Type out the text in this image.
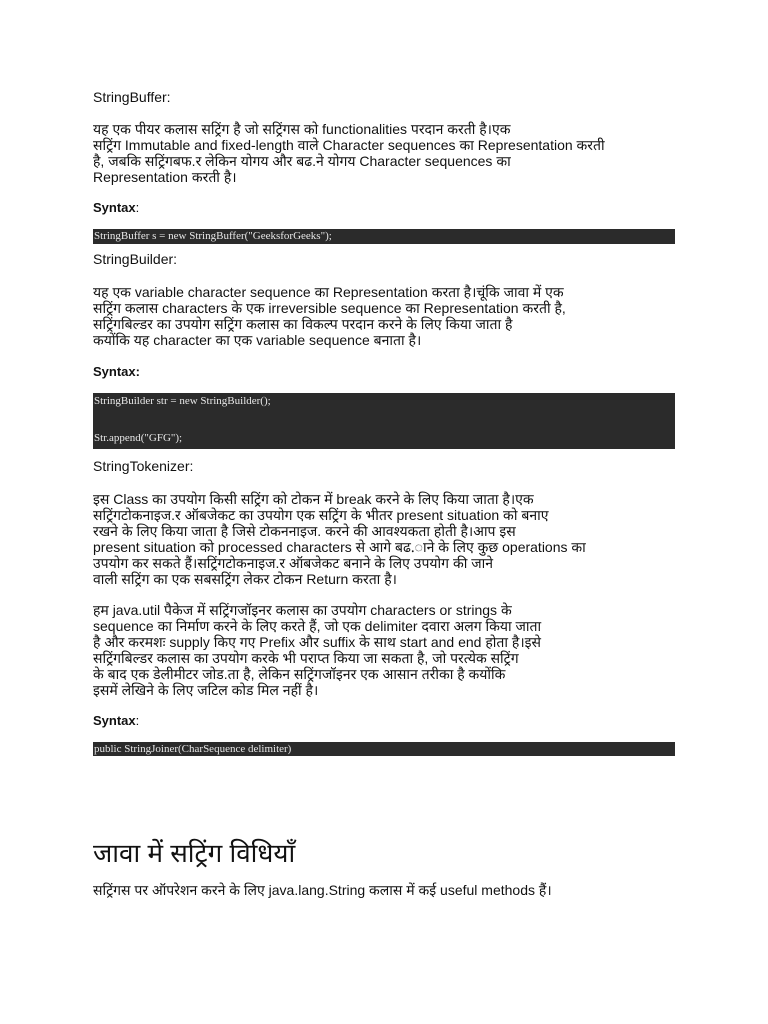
StringBuffer:
यह एक पीयर कलास सट्रिंग है जो सट्रिंगस को functionalities परदान करती है।एक
सट्रिंग Immutable and fixed-length वाले Character sequences का Representation करती
है, जबकि सट्रिंगबफ.र लेकिन योगय और बढ.ने योगय Character sequences का
Representation करती है।
Syntax:
StringBuffer s = new StringBuffer("GeeksforGeeks");
StringBuilder:
यह एक variable character sequence का Representation करता है।चूंकि जावा में एक
सट्रिंग कलास characters के एक irreversible sequence का Representation करती है,
सट्रिंगबिल्डर का उपयोग सट्रिंग कलास का विकल्प परदान करने के लिए किया जाता है
कयोंकि यह character का एक variable sequence बनाता है।
Syntax:
StringBuilder str = new StringBuilder();
Str.append("GFG");
StringTokenizer:
इस Class का उपयोग किसी सट्रिंग को टोकन में break करने के लिए किया जाता है।एक
सट्रिंगटोकनाइज.र ऑबजेकट का उपयोग एक सट्रिंग के भीतर present situation को बनाए
रखने के लिए किया जाता है जिसे टोकननाइज. करने की आवश्यकता होती है।आप इस
present situation को processed characters से आगे बढ.ाने के लिए कुछ operations का
उपयोग कर सकते हैं।सट्रिंगटोकनाइज.र ऑबजेकट बनाने के लिए उपयोग की जाने
वाली सट्रिंग का एक सबसट्रिंग लेकर टोकन Return करता है।
हम java.util पैकेज में सट्रिंगजॉइनर कलास का उपयोग characters or strings के
sequence का निर्माण करने के लिए करते हैं, जो एक delimiter दवारा अलग किया जाता
है और करमशः supply किए गए Prefix और suffix के साथ start and end होता है।इसे
सट्रिंगबिल्डर कलास का उपयोग करके भी पराप्त किया जा सकता है, जो परत्येक सट्रिंग
के बाद एक डेलीमीटर जोड.ता है, लेकिन सट्रिंगजॉइनर एक आसान तरीका है कयोंकि
इसमें लेखिने के लिए जटिल कोड मिल नहीं है।
Syntax:
public StringJoiner(CharSequence delimiter)
जावा में सट्रिंग विधियाँ
सट्रिंगस पर ऑपरेशन करने के लिए java.lang.String कलास में कई useful methods हैं।
